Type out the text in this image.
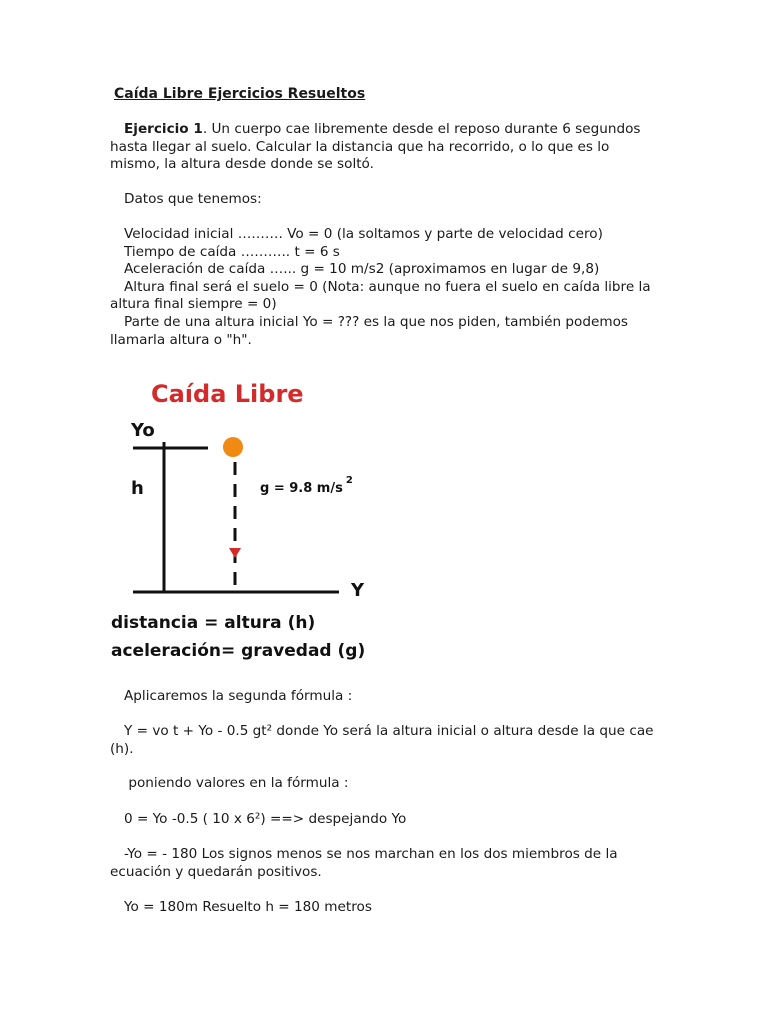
Caída Libre Ejercicios Resueltos

Ejercicio 1. Un cuerpo cae libremente desde el reposo durante 6 segundos hasta llegar al suelo. Calcular la distancia que ha recorrido, o lo que es lo mismo, la altura desde donde se soltó.

Datos que tenemos:

Velocidad inicial ………. Vo = 0 (la soltamos y parte de velocidad cero)
Tiempo de caída ……….. t = 6 s
Aceleración de caída …... g = 10 m/s2 (aproximamos en lugar de 9,8)
Altura final será el suelo = 0 (Nota: aunque no fuera el suelo en caída libre la altura final siempre = 0)
Parte de una altura inicial Yo = ??? es la que nos piden, también podemos llamarla altura o "h".

Caída Libre
Yo
h
Y
g = 9.8 $m/s^2$
distancia = altura (h)
aceleración= gravedad (g)

Aplicaremos la segunda fórmula :

Y = vo t + Yo - 0.5 gt² donde Yo será la altura inicial o altura desde la que cae (h).

poniendo valores en la fórmula :

0 = Yo -0.5 ( 10 x 6²) ==> despejando Yo

-Yo = - 180 Los signos menos se nos marchan en los dos miembros de la ecuación y quedarán positivos.

Yo = 180m Resuelto h = 180 metros
